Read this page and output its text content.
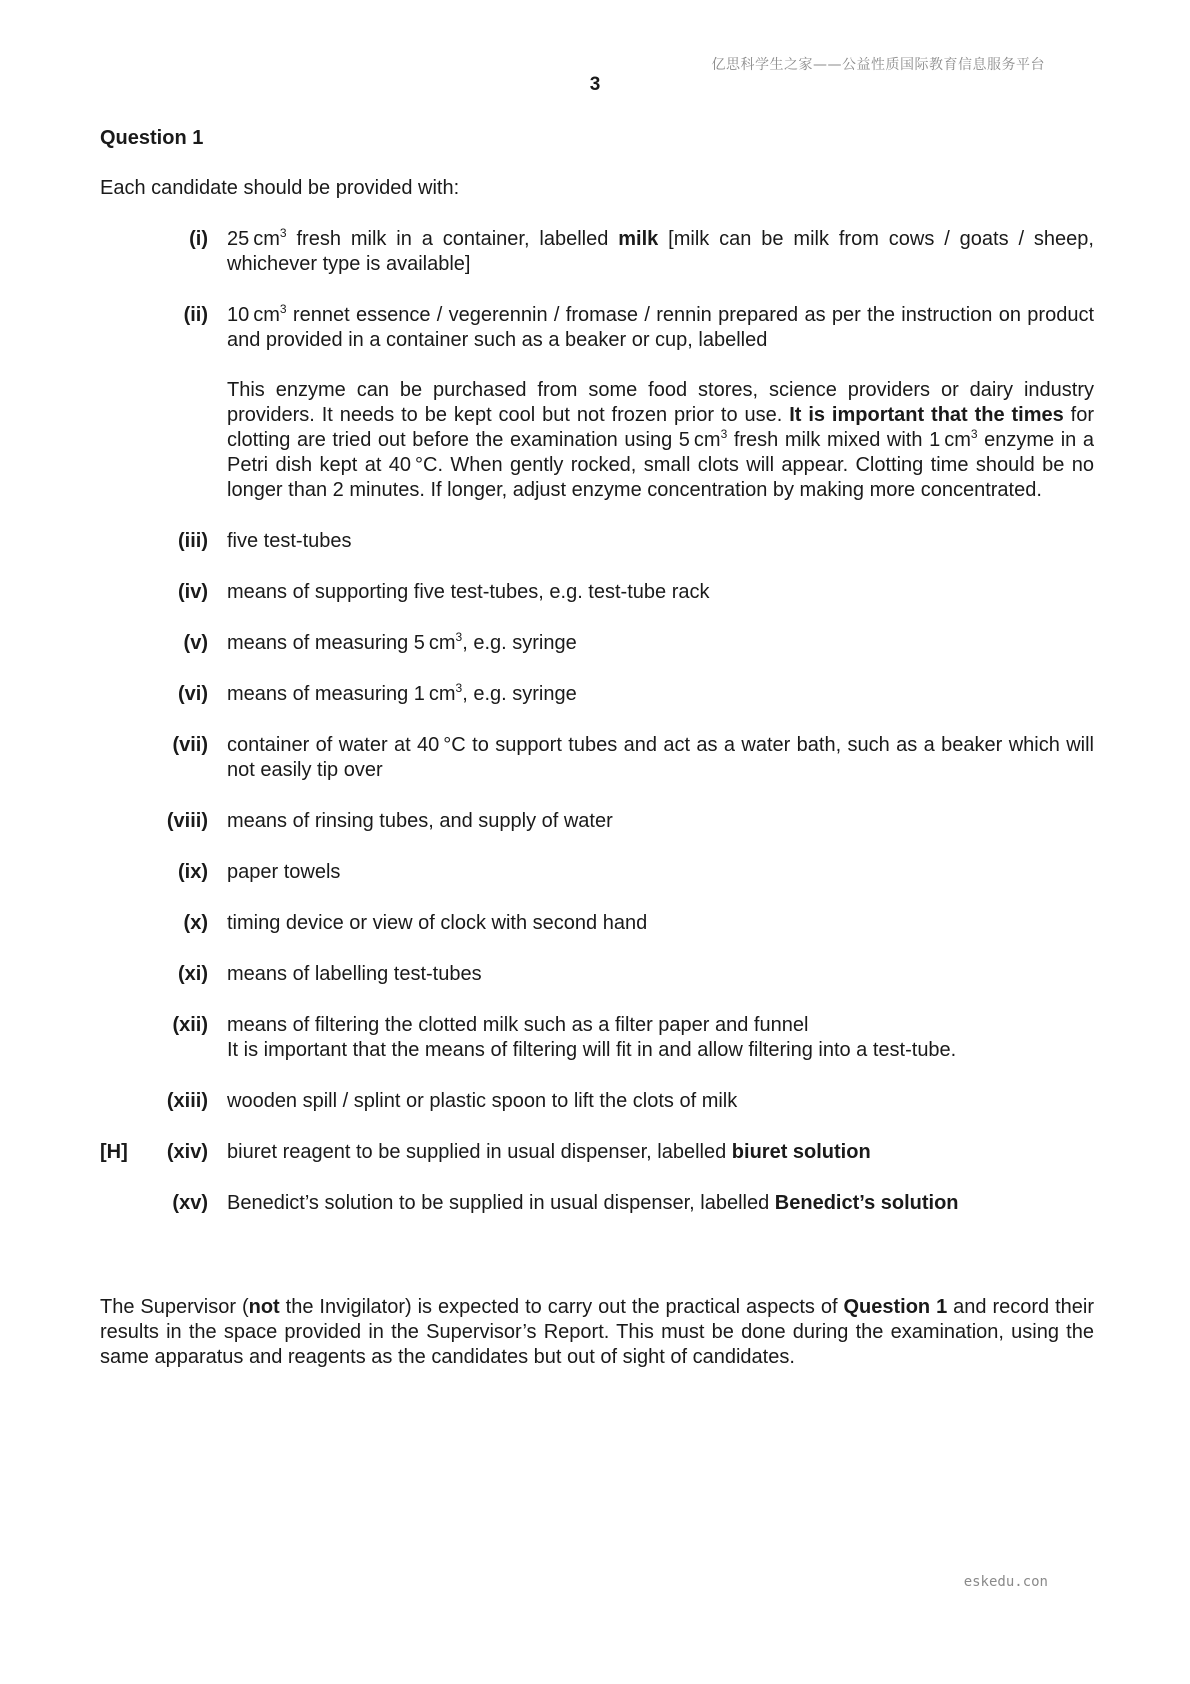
亿思科学生之家——公益性质国际教育信息服务平台
3
Question 1
Each candidate should be provided with:
(i) 25 $cm^3$ fresh milk in a container, labelled milk [milk can be milk from cows / goats / sheep, whichever type is available]

(ii) 10 $cm^3$ rennet essence / vegerennin / fromase / rennin prepared as per the instruction on product and provided in a container such as a beaker or cup, labelled

This enzyme can be purchased from some food stores, science providers or dairy industry providers. It needs to be kept cool but not frozen prior to use. It is important that the times for clotting are tried out before the examination using 5 $cm^3$ fresh milk mixed with 1 $cm^3$ enzyme in a Petri dish kept at 40 °C. When gently rocked, small clots will appear. Clotting time should be no longer than 2 minutes. If longer, adjust enzyme concentration by making more concentrated.

(iii) five test-tubes

(iv) means of supporting five test-tubes, e.g. test-tube rack

(v) means of measuring 5 $cm^3$, e.g. syringe

(vi) means of measuring 1 $cm^3$, e.g. syringe

(vii) container of water at 40 °C to support tubes and act as a water bath, such as a beaker which will not easily tip over

(viii) means of rinsing tubes, and supply of water

(ix) paper towels

(x) timing device or view of clock with second hand

(xi) means of labelling test-tubes

(xii) means of filtering the clotted milk such as a filter paper and funnel

It is important that the means of filtering will fit in and allow filtering into a test-tube.

(xiii) wooden spill / splint or plastic spoon to lift the clots of milk

[H]	(xiv) biuret reagent to be supplied in usual dispenser, labelled biuret solution

(xv) Benedict’s solution to be supplied in usual dispenser, labelled Benedict’s solution

The Supervisor (not the Invigilator) is expected to carry out the practical aspects of Question 1 and record their results in the space provided in the Supervisor’s Report. This must be done during the examination, using the same apparatus and reagents as the candidates but out of sight of candidates.
eskedu.con
